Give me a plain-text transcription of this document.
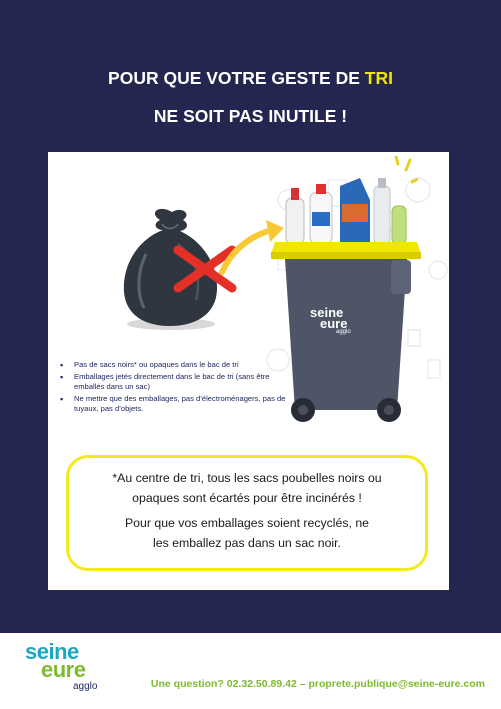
POUR QUE VOTRE GESTE DE TRI
NE SOIT PAS INUTILE !
seine
eure
agglo
▪ Pas de sacs noirs* ou opaques dans le bac de tri
▪ Emballages jetés directement dans le bac de tri (sans être emballés dans un sac)
▪ Ne mettre que des emballages, pas d’électroménagers, pas de tuyaux, pas d’objets.

*Au centre de tri, tous les sacs poubelles noirs ou opaques sont écartés pour être incinérés !

Pour que vos emballages soient recyclés, ne les emballez pas dans un sac noir.

seine
eure
agglo	Une question? 02.32.50.89.42 – proprete.publique@seine-eure.com
